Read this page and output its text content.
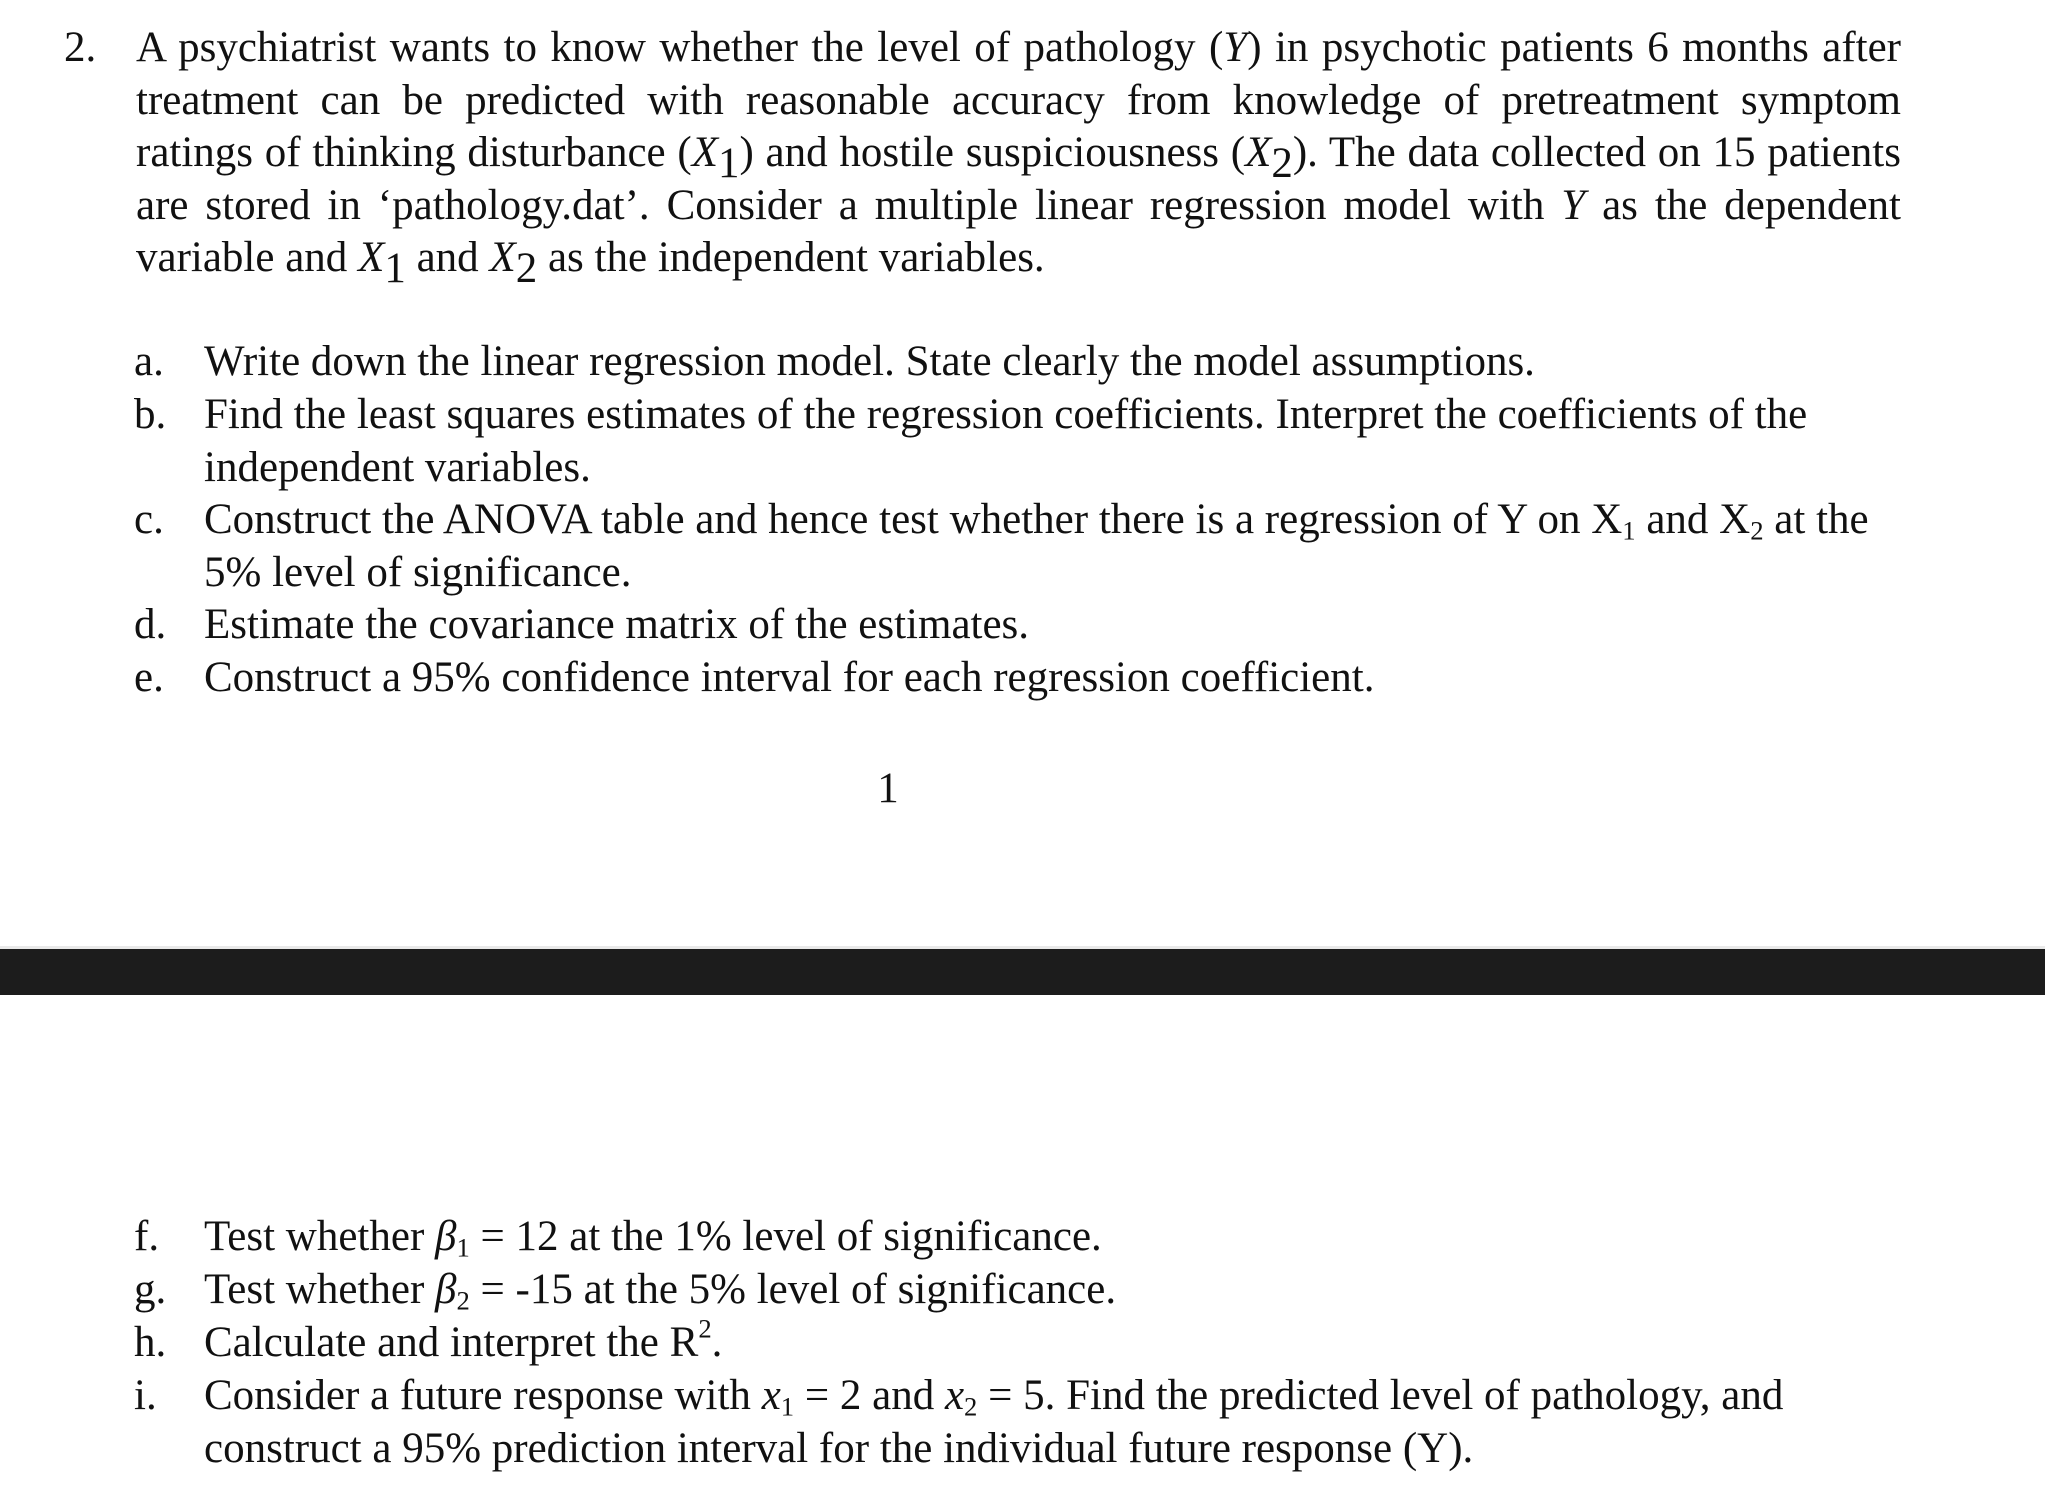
2. A psychiatrist wants to know whether the level of pathology (Y) in psychotic patients 6 months after treatment can be predicted with reasonable accuracy from knowledge of pretreatment symptom ratings of thinking disturbance (X1) and hostile suspiciousness (X2). The data collected on 15 patients are stored in ‘pathology.dat’. Consider a multiple linear regression model with Y as the dependent variable and X1 and X2 as the independent variables.
a. Write down the linear regression model. State clearly the model assumptions.
b. Find the least squares estimates of the regression coefficients. Interpret the coefficients of the independent variables.
c. Construct the ANOVA table and hence test whether there is a regression of Y on $X_1$ and $X_2$ at the 5% level of significance.
d. Estimate the covariance matrix of the estimates.
e. Construct a 95% confidence interval for each regression coefficient.
1
f.	Test whether $\beta_1 = 12$ at the 1% level of significance.
g. Test whether $\beta_2 = -15$ at the 5% level of significance.
h. Calculate and interpret the $R^2$.
i.	Consider a future response with $x_1 = 2$ and $x_2 = 5$. Find the predicted level of pathology, and construct a 95% prediction interval for the individual future response (Y).
